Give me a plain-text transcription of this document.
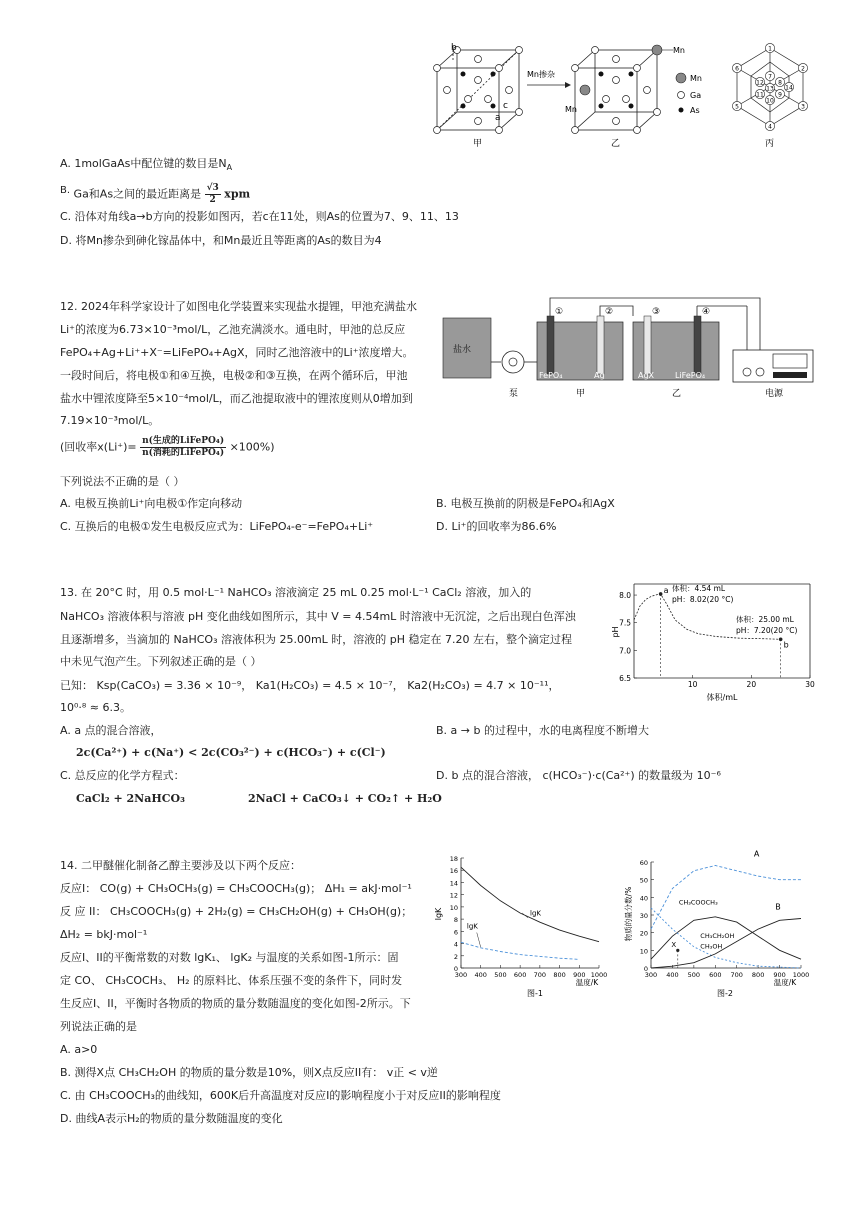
b
a
c
甲
Mn掺杂
Mn
Mn
乙
Mn
Ga
As
1
2
3
4
5
6
7
8
9
10
11
12
13 14
丙
A. 1molGaAs中配位键的数目是$N_A$
B. Ga和As之间的最近距离是 $\frac{√3}{2}$ xpm
C. 沿体对角线a→b方向的投影如图丙，若c在11处，则As的位置为7、9、11、13
D. 将Mn掺杂到砷化镓晶体中，和Mn最近且等距离的As的数目为4
12. 2024年科学家设计了如图电化学装置来实现盐水提锂，甲池充满盐水
Li⁺的浓度为6.73×10⁻³mol/L，乙池充满淡水。通电时，甲池的总反应
FePO₄+Ag+Li⁺+X⁻=LiFePO₄+AgX，同时乙池溶液中的Li⁺浓度增大。
一段时间后，将电极①和④互换，电极②和③互换，在两个循环后，甲池
盐水中锂浓度降至5×10⁻⁴mol/L，而乙池提取液中的锂浓度则从0增加到
7.19×10⁻³mol/L。
(回收率$x(Li^+)= \frac{\text{n(生成的LiFePO₄)}}{\text{n(消耗的LiFePO₄)}} \times 100\%$)
下列说法不正确的是（ ）
A. 电极互换前Li⁺向电极①作定向移动	B. 电极互换前的阴极是FePO₄和AgX
C. 互换后的电极①发生电极反应式为：LiFePO₄-e⁻=FePO₄+Li⁺	D. Li⁺的回收率为86.6%
盐水
泵
①	②	③	④
FePO₄	Ag	AgX	LiFePO₄
甲	乙	电源
13. 在 20°C 时，用 0.5 mol·L⁻¹ NaHCO₃ 溶液滴定 25 mL 0.25 mol·L⁻¹ CaCl₂ 溶液，加入的
NaHCO₃ 溶液体积与溶液 pH 变化曲线如图所示，其中 V = 4.54mL 时溶液中无沉淀，之后出现白色浑浊
且逐渐增多，当滴加的 NaHCO₃ 溶液体积为 25.00mL 时，溶液的 pH 稳定在 7.20 左右，整个滴定过程
中未见气泡产生。下列叙述正确的是（ ）
已知： Ksp(CaCO₃) = 3.36 × 10⁻⁹， Ka1(H₂CO₃) = 4.5 × 10⁻⁷， Ka2(H₂CO₃) = 4.7 × 10⁻¹¹，
10⁰·⁸ ≈ 6.3。
A. a 点的混合溶液，
2c(Ca²⁺) + c(Na⁺) < 2c(CO₃²⁻) + c(HCO₃⁻) + c(Cl⁻)
B. a → b 的过程中，水的电离程度不断增大
C. 总反应的化学方程式：
CaCl₂ + 2NaHCO₃	2NaCl + CaCO₃↓ + CO₂↑ + H₂O
D. b 点的混合溶液， c(HCO₃⁻)·c(Ca²⁺) 的数量级为 10⁻⁶
10	20	30
6.5
7.0
7.5
8.0
pH
体积/mL
a
b
体积：4.54 mL
pH：8.02(20 °C)
体积：25.00 mL
pH：7.20(20 °C)
14. 二甲醚催化制备乙醇主要涉及以下两个反应：
反应I： CO(g) + CH₃OCH₃(g) = CH₃COOCH₃(g)； ΔH₁ = akJ·mol⁻¹
反 应 II： CH₃COOCH₃(g) + 2H₂(g) = CH₃CH₂OH(g) + CH₃OH(g)；
ΔH₂ = bkJ·mol⁻¹
反应I、II的平衡常数的对数 lgK₁、 lgK₂ 与温度的关系如图-1所示：固
定 CO、 CH₃COCH₃、 H₂ 的原料比、体系压强不变的条件下，同时发
生反应I、II，平衡时各物质的物质的量分数随温度的变化如图-2所示。下
列说法正确的是
A. a>0
B. 测得X点 CH₃CH₂OH 的物质的量分数是10%，则X点反应II有： v正 < v逆
C. 由 CH₃COOCH₃的曲线知，600K后升高温度对反应I的影响程度小于对反应II的影响程度
D. 曲线A表示H₂的物质的量分数随温度的变化
300 400 500 600 700 800 900 1000
0
2
4
6
8
10
12
14
16
18
lgK
温度/K
图-1
lgK
lgK
300 400 500 600 700 800 900 1000
0
10
20
30
40
50
60
物质的量分数/%
温度/K
图-2
A
B
CH₃COOCH₃
CH₃CH₂OH
CH₃OH
X
